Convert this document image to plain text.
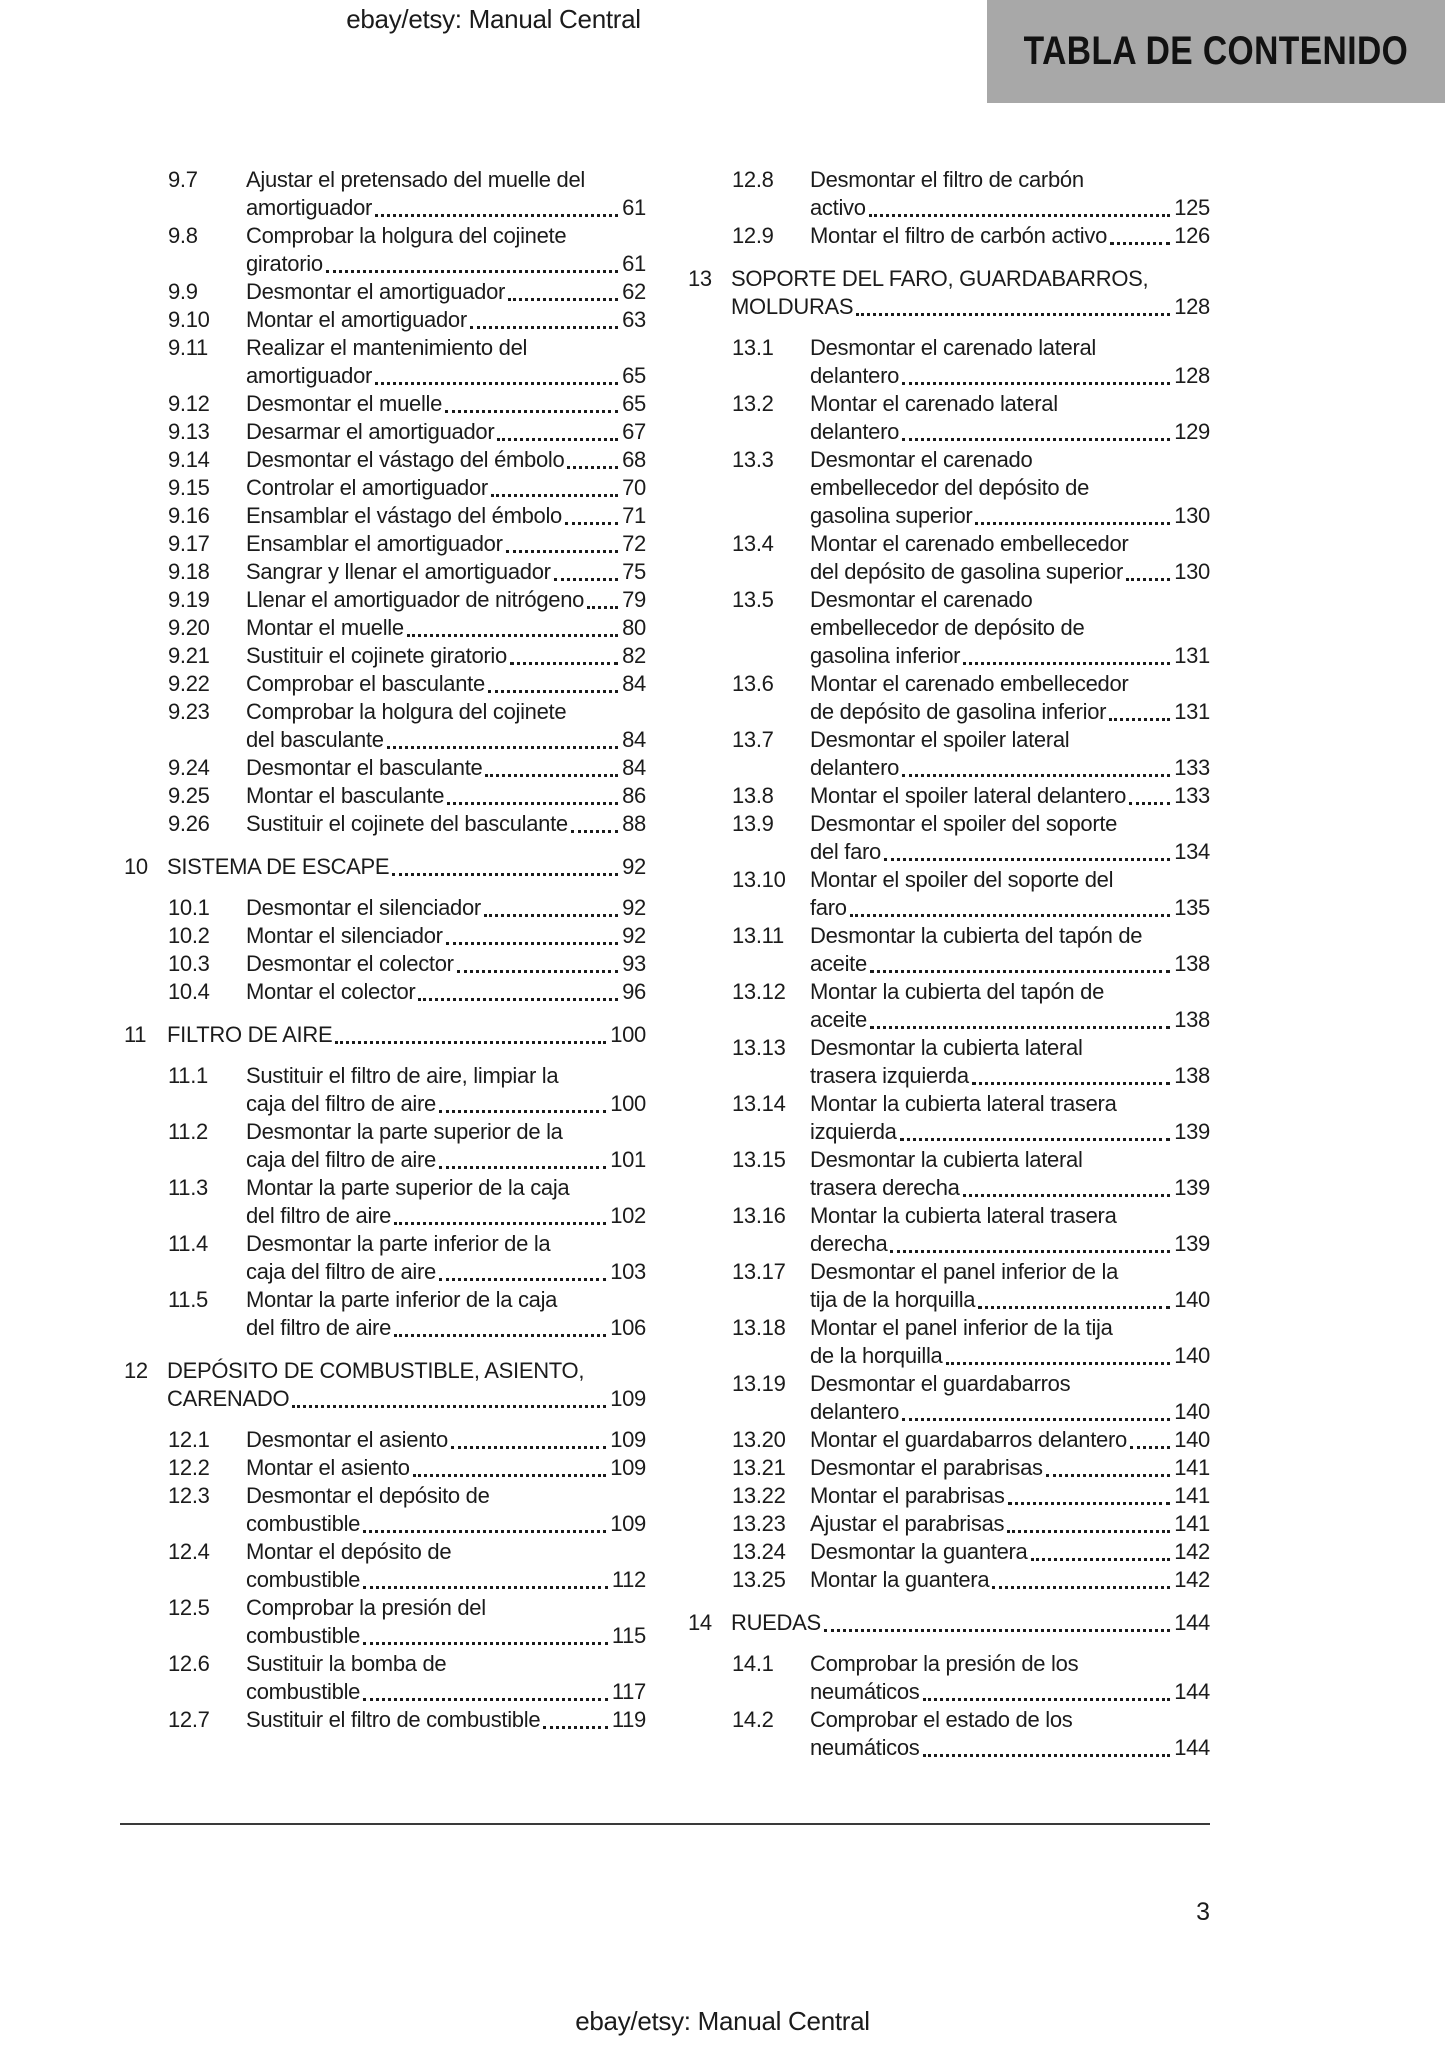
ebay/etsy: Manual Central
TABLA DE CONTENIDO
9.7	Ajustar el pretensado del muelle del
amortiguador	61
9.8	Comprobar la holgura del cojinete
giratorio	61
9.9	Desmontar el amortiguador	62
9.10	Montar el amortiguador	63
9.11	Realizar el mantenimiento del
amortiguador	65
9.12	Desmontar el muelle	65
9.13	Desarmar el amortiguador	67
9.14	Desmontar el vástago del émbolo	68
9.15	Controlar el amortiguador	70
9.16	Ensamblar el vástago del émbolo	71
9.17	Ensamblar el amortiguador	72
9.18	Sangrar y llenar el amortiguador	75
9.19	Llenar el amortiguador de nitrógeno 79
9.20	Montar el muelle	80
9.21	Sustituir el cojinete giratorio	82
9.22	Comprobar el basculante	84
9.23	Comprobar la holgura del cojinete
del basculante	84
9.24	Desmontar el basculante	84
9.25	Montar el basculante	86
9.26	Sustituir el cojinete del basculante 88
10 SISTEMA DE ESCAPE	92
10.1	Desmontar el silenciador	92
10.2	Montar el silenciador	92
10.3	Desmontar el colector	93
10.4	Montar el colector	96
11 FILTRO DE AIRE	100
11.1	Sustituir el filtro de aire, limpiar la
caja del filtro de aire	100
11.2	Desmontar la parte superior de la
caja del filtro de aire	101
11.3	Montar la parte superior de la caja
del filtro de aire	102
11.4	Desmontar la parte inferior de la
caja del filtro de aire	103
11.5	Montar la parte inferior de la caja
del filtro de aire	106
12 DEPÓSITO DE COMBUSTIBLE, ASIENTO,
CARENADO	109
12.1	Desmontar el asiento	109
12.2	Montar el asiento	109
12.3	Desmontar el depósito de
combustible	109
12.4	Montar el depósito de
combustible	112
12.5	Comprobar la presión del
combustible	115
12.6	Sustituir la bomba de
combustible	117
12.7	Sustituir el filtro de combustible	119
12.8	Desmontar el filtro de carbón
activo	125
12.9	Montar el filtro de carbón activo	126
13 SOPORTE DEL FARO, GUARDABARROS,
MOLDURAS	128
13.1	Desmontar el carenado lateral
delantero	128
13.2	Montar el carenado lateral
delantero	129
13.3	Desmontar el carenado
embellecedor del depósito de
gasolina superior	130
13.4	Montar el carenado embellecedor
del depósito de gasolina superior 130
13.5	Desmontar el carenado
embellecedor de depósito de
gasolina inferior	131
13.6	Montar el carenado embellecedor
de depósito de gasolina inferior	131
13.7	Desmontar el spoiler lateral
delantero	133
13.8	Montar el spoiler lateral delantero 133
13.9	Desmontar el spoiler del soporte
del faro	134
13.10	Montar el spoiler del soporte del
faro	135
13.11	Desmontar la cubierta del tapón de
aceite	138
13.12	Montar la cubierta del tapón de
aceite	138
13.13	Desmontar la cubierta lateral
trasera izquierda	138
13.14	Montar la cubierta lateral trasera
izquierda	139
13.15	Desmontar la cubierta lateral
trasera derecha	139
13.16	Montar la cubierta lateral trasera
derecha	139
13.17	Desmontar el panel inferior de la
tija de la horquilla	140
13.18	Montar el panel inferior de la tija
de la horquilla	140
13.19	Desmontar el guardabarros
delantero	140
13.20	Montar el guardabarros delantero 140
13.21	Desmontar el parabrisas	141
13.22	Montar el parabrisas	141
13.23	Ajustar el parabrisas	141
13.24	Desmontar la guantera	142
13.25	Montar la guantera	142
14 RUEDAS	144
14.1	Comprobar la presión de los
neumáticos	144
14.2	Comprobar el estado de los
neumáticos	144
3
ebay/etsy: Manual Central
